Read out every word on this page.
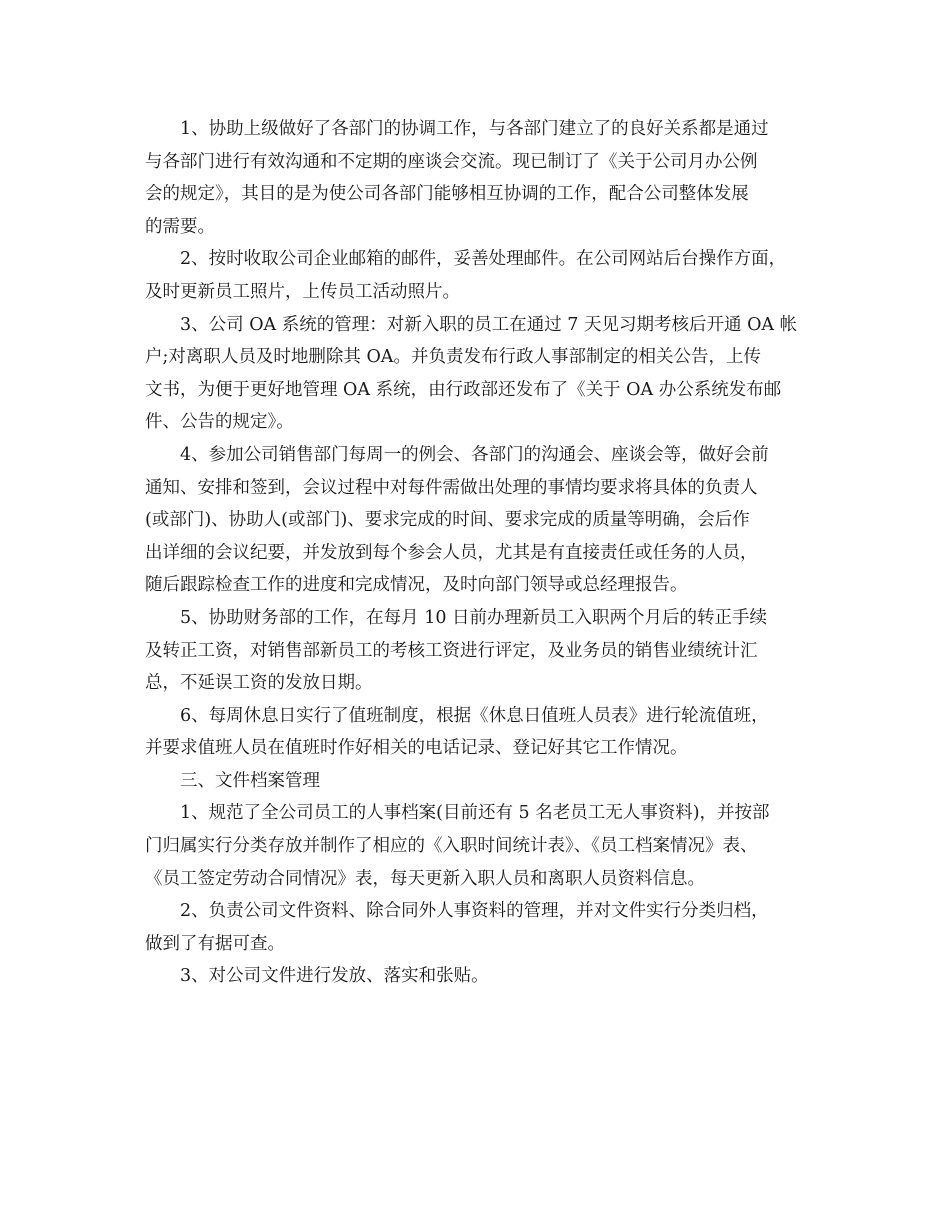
1、协助上级做好了各部门的协调工作，与各部门建立了的良好关系都是通过
与各部门进行有效沟通和不定期的座谈会交流。现已制订了《关于公司月办公例
会的规定》，其目的是为使公司各部门能够相互协调的工作，配合公司整体发展
的需要。
2、按时收取公司企业邮箱的邮件，妥善处理邮件。在公司网站后台操作方面，
及时更新员工照片，上传员工活动照片。
3、公司 OA 系统的管理：对新入职的员工在通过 7 天见习期考核后开通 OA 帐
户;对离职人员及时地删除其 OA。并负责发布行政人事部制定的相关公告，上传
文书，为便于更好地管理 OA 系统，由行政部还发布了《关于 OA 办公系统发布邮
件、公告的规定》。
4、参加公司销售部门每周一的例会、各部门的沟通会、座谈会等，做好会前
通知、安排和签到，会议过程中对每件需做出处理的事情均要求将具体的负责人
(或部门)、协助人(或部门)、要求完成的时间、要求完成的质量等明确，会后作
出详细的会议纪要，并发放到每个参会人员，尤其是有直接责任或任务的人员，
随后跟踪检查工作的进度和完成情况，及时向部门领导或总经理报告。
5、协助财务部的工作，在每月 10 日前办理新员工入职两个月后的转正手续
及转正工资，对销售部新员工的考核工资进行评定，及业务员的销售业绩统计汇
总，不延误工资的发放日期。
6、每周休息日实行了值班制度，根据《休息日值班人员表》进行轮流值班，
并要求值班人员在值班时作好相关的电话记录、登记好其它工作情况。
三、文件档案管理
1、规范了全公司员工的人事档案(目前还有 5 名老员工无人事资料)，并按部
门归属实行分类存放并制作了相应的《入职时间统计表》、《员工档案情况》表、
《员工签定劳动合同情况》表，每天更新入职人员和离职人员资料信息。
2、负责公司文件资料、除合同外人事资料的管理，并对文件实行分类归档，
做到了有据可查。
3、对公司文件进行发放、落实和张贴。
